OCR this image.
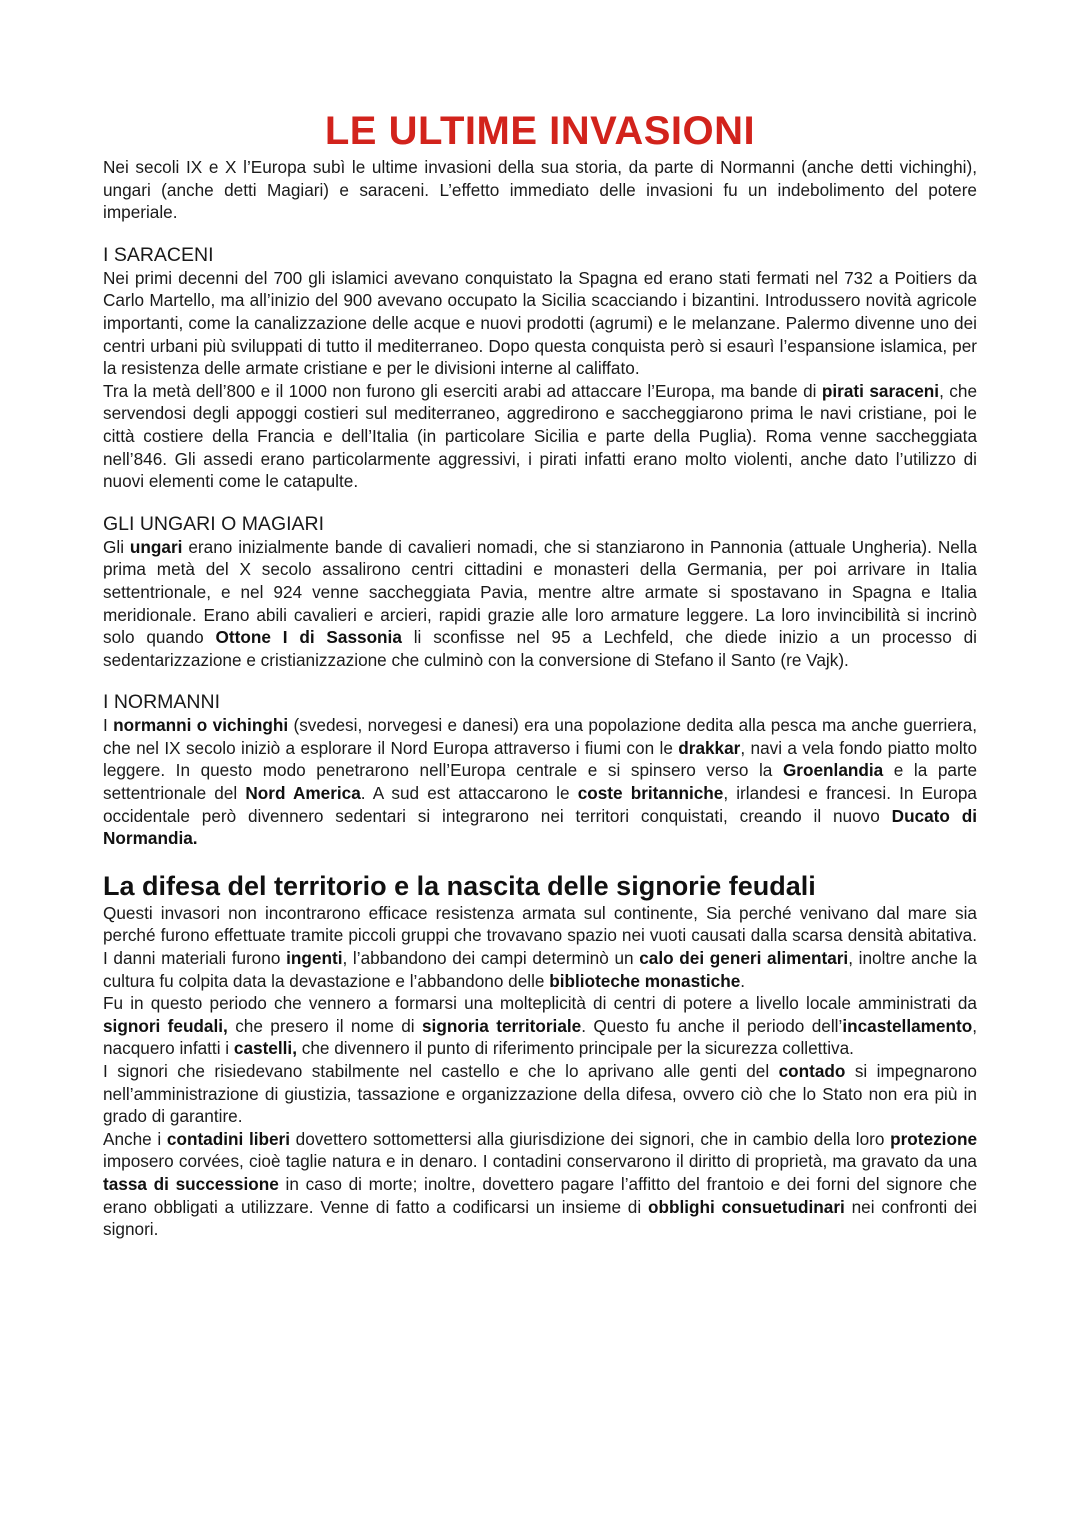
LE ULTIME INVASIONI

Nei secoli IX e X l’Europa subì le ultime invasioni della sua storia, da parte di Normanni (anche detti vichinghi), ungari (anche detti Magiari) e saraceni. L’effetto immediato delle invasioni fu un indebolimento del potere imperiale.

I SARACENI

Nei primi decenni del 700 gli islamici avevano conquistato la Spagna ed erano stati fermati nel 732 a Poitiers da Carlo Martello, ma all’inizio del 900 avevano occupato la Sicilia scacciando i bizantini. Introdussero novità agricole importanti, come la canalizzazione delle acque e nuovi prodotti (agrumi) e le melanzane. Palermo divenne uno dei centri urbani più sviluppati di tutto il mediterraneo. Dopo questa conquista però si esaurì l’espansione islamica, per la resistenza delle armate cristiane e per le divisioni interne al califfato.

Tra la metà dell’800 e il 1000 non furono gli eserciti arabi ad attaccare l’Europa, ma bande di pirati saraceni, che servendosi degli appoggi costieri sul mediterraneo, aggredirono e saccheggiarono prima le navi cristiane, poi le città costiere della Francia e dell’Italia (in particolare Sicilia e parte della Puglia). Roma venne saccheggiata nell’846. Gli assedi erano particolarmente aggressivi, i pirati infatti erano molto violenti, anche dato l’utilizzo di nuovi elementi come le catapulte.

GLI UNGARI O MAGIARI

Gli ungari erano inizialmente bande di cavalieri nomadi, che si stanziarono in Pannonia (attuale Ungheria). Nella prima metà del X secolo assalirono centri cittadini e monasteri della Germania, per poi arrivare in Italia settentrionale, e nel 924 venne saccheggiata Pavia, mentre altre armate si spostavano in Spagna e Italia meridionale. Erano abili cavalieri e arcieri, rapidi grazie alle loro armature leggere. La loro invincibilità si incrinò solo quando Ottone I di Sassonia li sconfisse nel 95 a Lechfeld, che diede inizio a un processo di sedentarizzazione e cristianizzazione che culminò con la conversione di Stefano il Santo (re Vajk).

I NORMANNI

I normanni o vichinghi (svedesi, norvegesi e danesi) era una popolazione dedita alla pesca ma anche guerriera, che nel IX secolo iniziò a esplorare il Nord Europa attraverso i fiumi con le drakkar, navi a vela fondo piatto molto leggere. In questo modo penetrarono nell’Europa centrale e si spinsero verso la Groenlandia e la parte settentrionale del Nord America. A sud est attaccarono le coste britanniche, irlandesi e francesi. In Europa occidentale però divennero sedentari si integrarono nei territori conquistati, creando il nuovo Ducato di Normandia.

La difesa del territorio e la nascita delle signorie feudali

Questi invasori non incontrarono efficace resistenza armata sul continente, Sia perché venivano dal mare sia perché furono effettuate tramite piccoli gruppi che trovavano spazio nei vuoti causati dalla scarsa densità abitativa. I danni materiali furono ingenti, l’abbandono dei campi determinò un calo dei generi alimentari, inoltre anche la cultura fu colpita data la devastazione e l’abbandono delle biblioteche monastiche.

Fu in questo periodo che vennero a formarsi una molteplicità di centri di potere a livello locale amministrati da signori feudali, che presero il nome di signoria territoriale. Questo fu anche il periodo dell’incastellamento, nacquero infatti i castelli, che divennero il punto di riferimento principale per la sicurezza collettiva.

I signori che risiedevano stabilmente nel castello e che lo aprivano alle genti del contado si impegnarono nell’amministrazione di giustizia, tassazione e organizzazione della difesa, ovvero ciò che lo Stato non era più in grado di garantire.

Anche i contadini liberi dovettero sottomettersi alla giurisdizione dei signori, che in cambio della loro protezione imposero corvées, cioè taglie natura e in denaro. I contadini conservarono il diritto di proprietà, ma gravato da una tassa di successione in caso di morte; inoltre, dovettero pagare l’affitto del frantoio e dei forni del signore che erano obbligati a utilizzare. Venne di fatto a codificarsi un insieme di obblighi consuetudinari nei confronti dei signori.
